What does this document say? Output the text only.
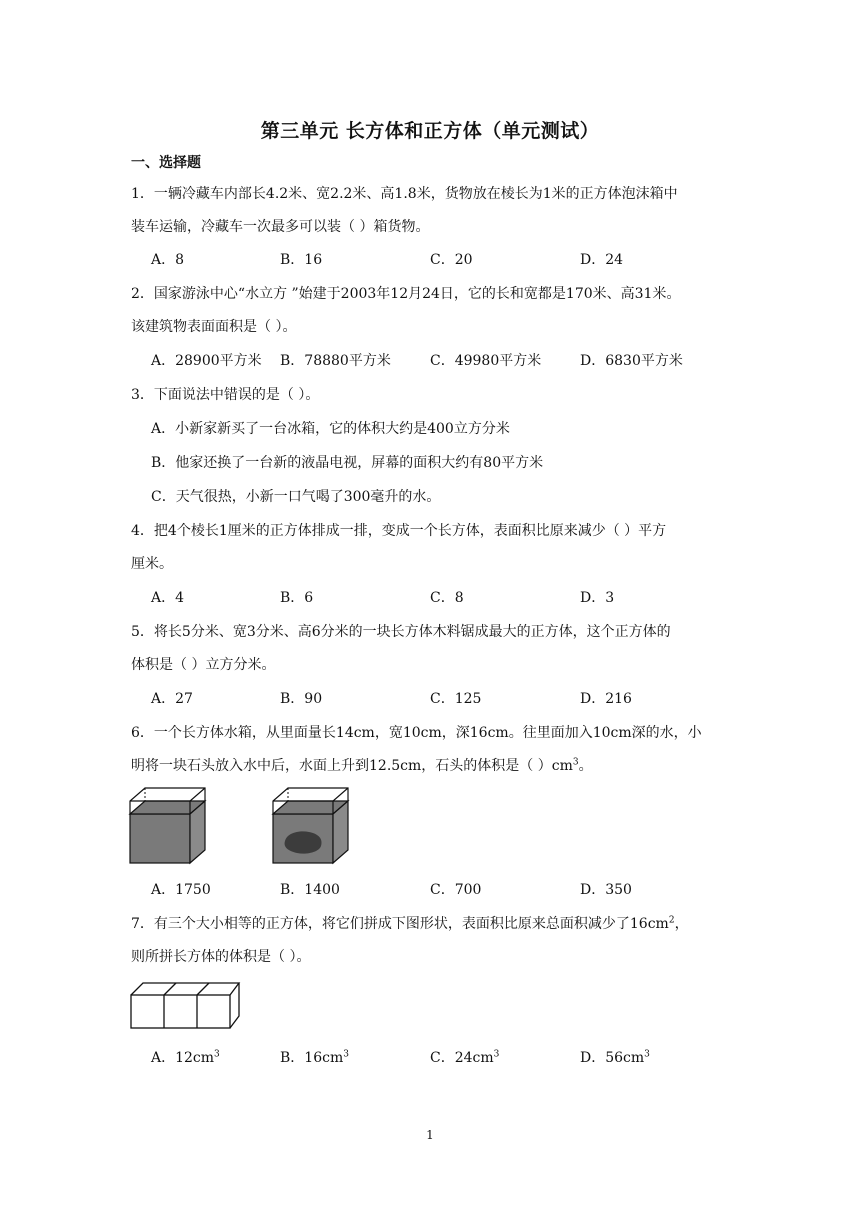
第三单元 长方体和正方体（单元测试）
一、选择题
1．一辆冷藏车内部长4.2米、宽2.2米、高1.8米，货物放在棱长为1米的正方体泡沫箱中
装车运输，冷藏车一次最多可以装（ ）箱货物。
A．8	B．16	C．20	D．24
2．国家游泳中心“水立方 ”始建于2003年12月24日，它的长和宽都是170米、高31米。
该建筑物表面面积是（ ）。
A．28900平方米 B．78880平方米	C．49980平方米	D．6830平方米
3．下面说法中错误的是（ ）。
A．小新家新买了一台冰箱，它的体积大约是400立方分米
B．他家还换了一台新的液晶电视，屏幕的面积大约有80平方米
C．天气很热，小新一口气喝了300毫升的水。
4．把4个棱长1厘米的正方体排成一排，变成一个长方体，表面积比原来减少（ ）平方
厘米。
A．4	B．6	C．8	D．3
5．将长5分米、宽3分米、高6分米的一块长方体木料锯成最大的正方体，这个正方体的
体积是（ ）立方分米。
A．27	B．90	C．125	D．216
6．一个长方体水箱，从里面量长14cm，宽10cm，深16cm。往里面加入10cm深的水，小
明将一块石头放入水中后，水面上升到12.5cm，石头的体积是（ ）$cm^3$。
A．1750	B．1400	C．700	D．350
7．有三个大小相等的正方体，将它们拼成下图形状，表面积比原来总面积减少了$16cm^2$，
则所拼长方体的体积是（ ）。
A．$12cm^3$	B．$16cm^3$	C．$24cm^3$	D．$56cm^3$
1
